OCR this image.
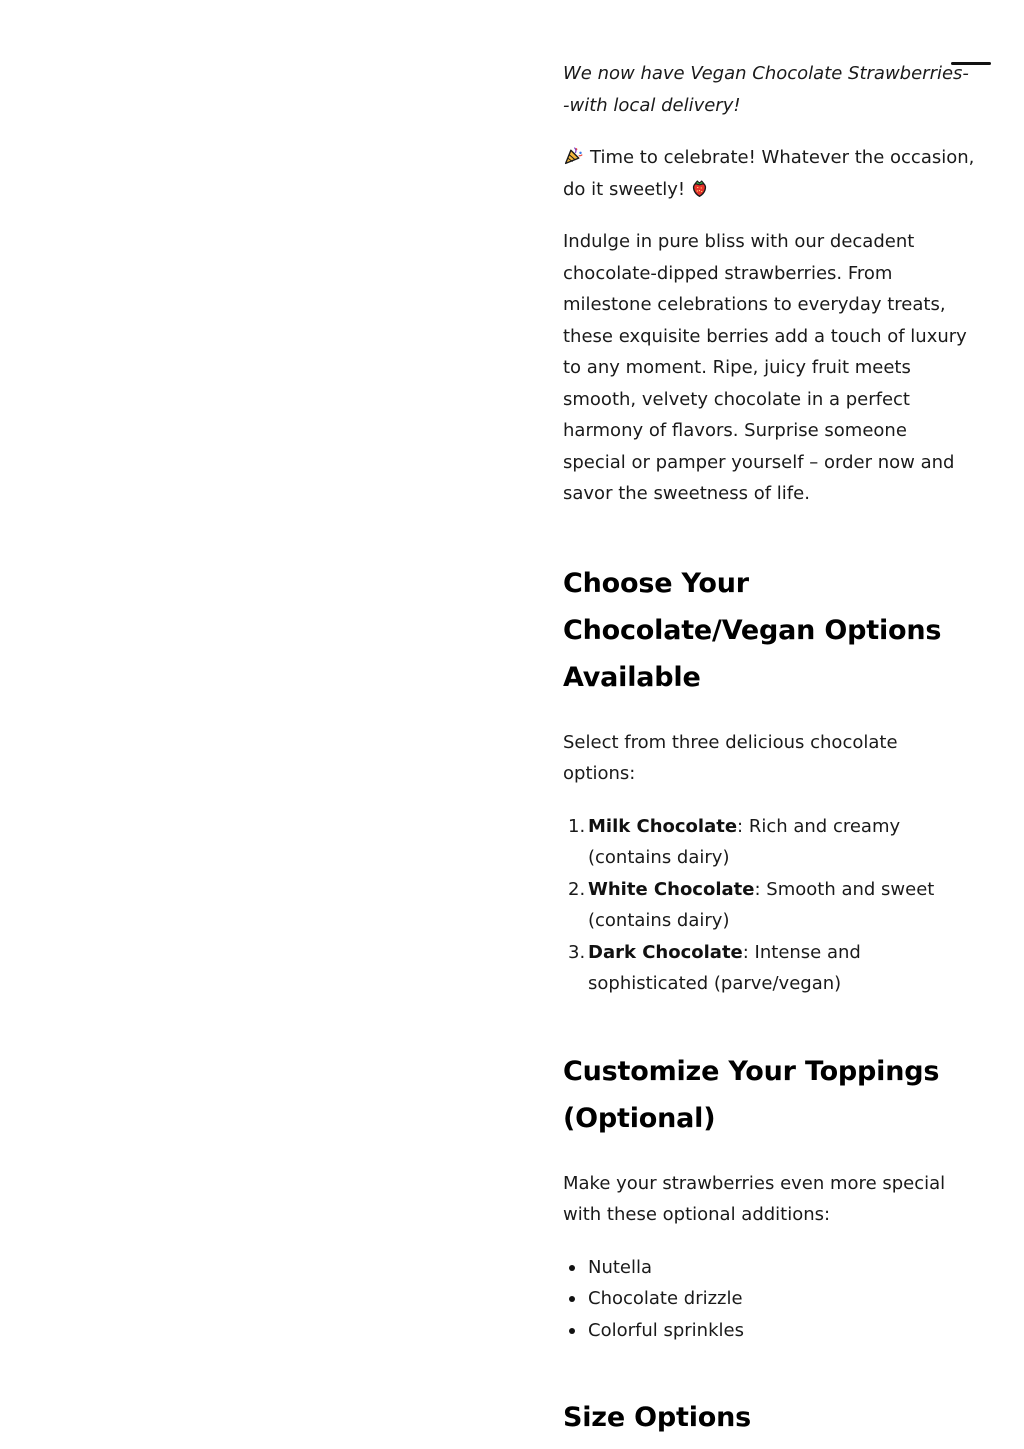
We now have Vegan Chocolate Strawberries--with local delivery!

Time to celebrate! Whatever the occasion, do it sweetly!

Indulge in pure bliss with our decadent chocolate-dipped strawberries. From milestone celebrations to everyday treats, these exquisite berries add a touch of luxury to any moment. Ripe, juicy fruit meets smooth, velvety chocolate in a perfect harmony of flavors. Surprise someone special or pamper yourself – order now and savor the sweetness of life.

Choose Your Chocolate/Vegan Options Available

Select from three delicious chocolate options:

Milk Chocolate: Rich and creamy (contains dairy)
White Chocolate: Smooth and sweet (contains dairy)
Dark Chocolate: Intense and sophisticated (parve/vegan)
Customize Your Toppings (Optional)

Make your strawberries even more special with these optional additions:

Nutella
Chocolate drizzle
Colorful sprinkles
Size Options
